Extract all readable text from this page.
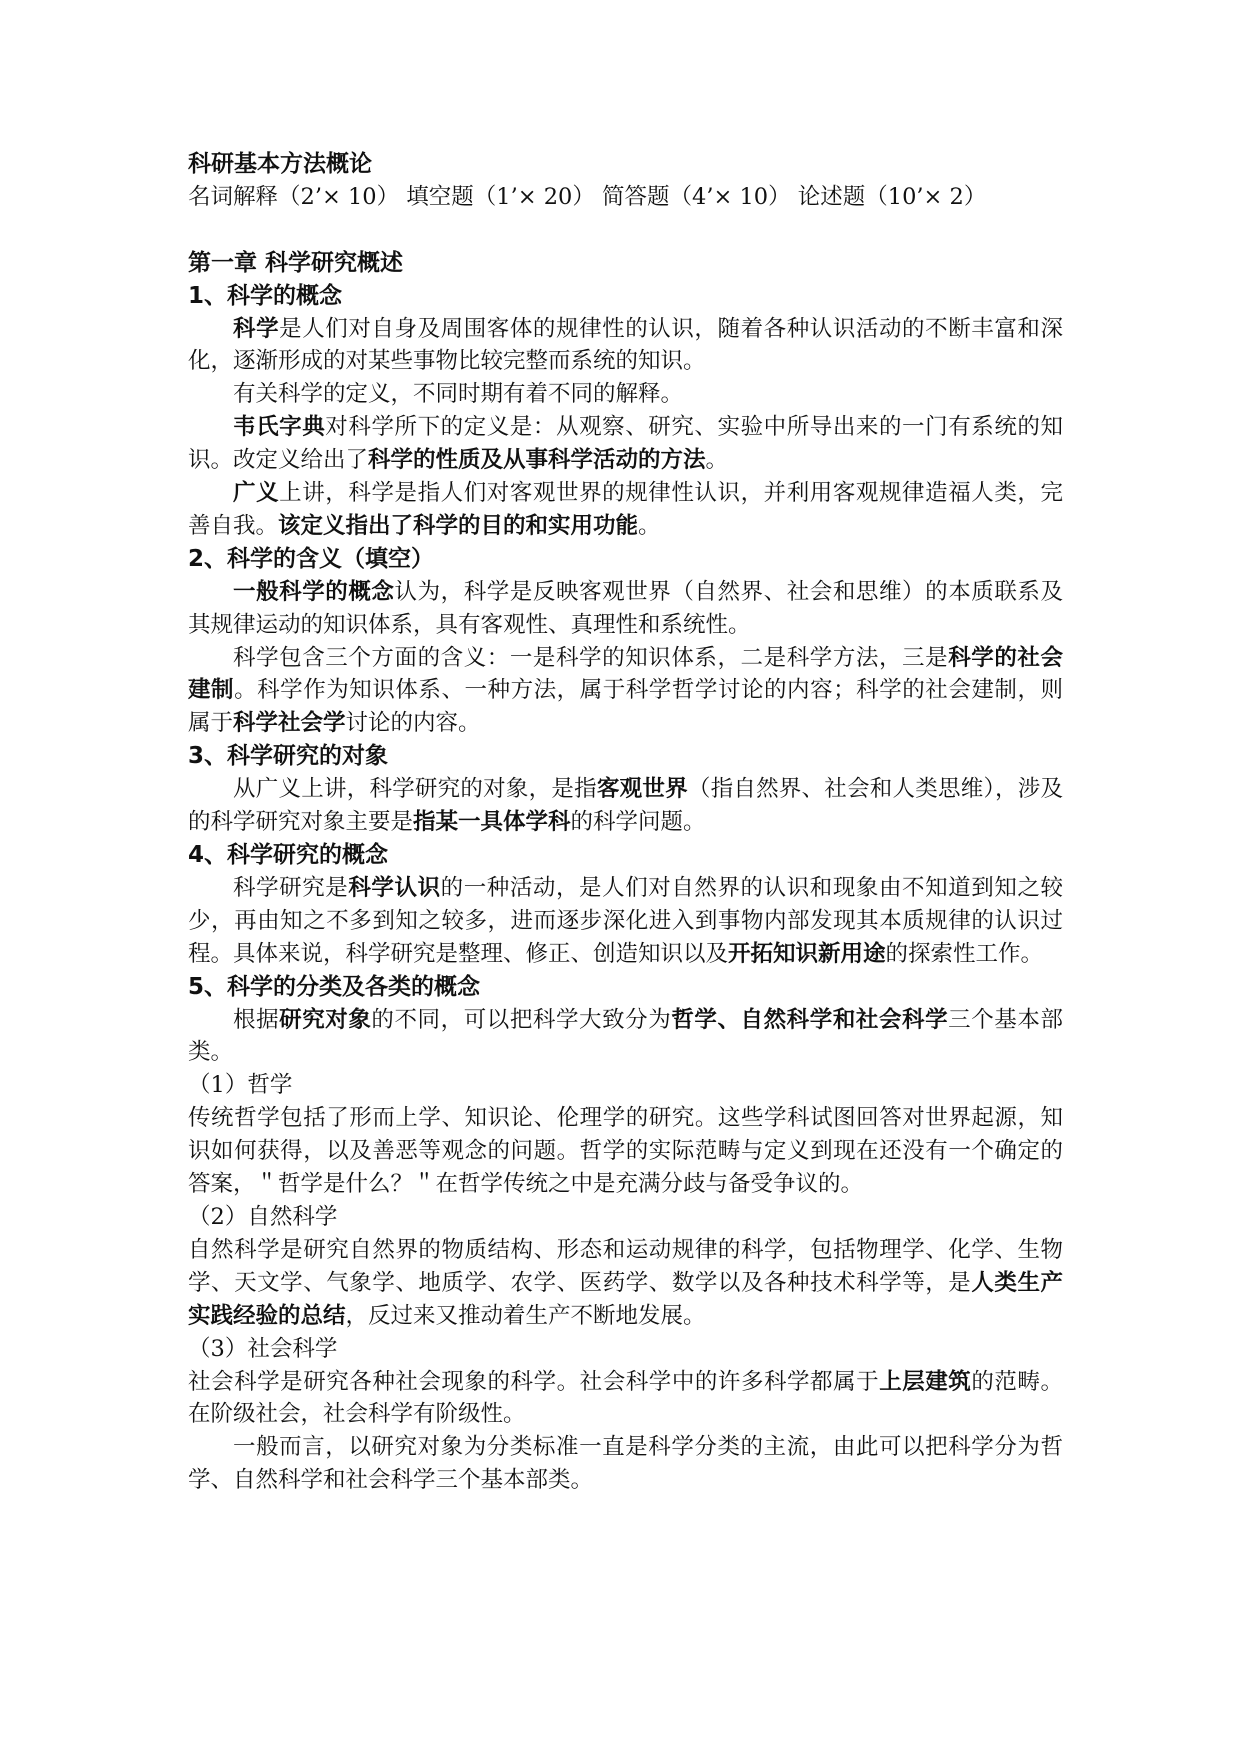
科研基本方法概论
名词解释（2’× 10） 填空题（1’× 20） 简答题（4’× 10） 论述题（10’× 2）
第一章 科学研究概述
1、科学的概念
科学是人们对自身及周围客体的规律性的认识，随着各种认识活动的不断丰富和深化，逐渐形成的对某些事物比较完整而系统的知识。
有关科学的定义，不同时期有着不同的解释。
韦氏字典对科学所下的定义是：从观察、研究、实验中所导出来的一门有系统的知识。改定义给出了科学的性质及从事科学活动的方法。
广义上讲，科学是指人们对客观世界的规律性认识，并利用客观规律造福人类，完善自我。该定义指出了科学的目的和实用功能。
2、科学的含义（填空）
一般科学的概念认为，科学是反映客观世界（自然界、社会和思维）的本质联系及其规律运动的知识体系，具有客观性、真理性和系统性。
科学包含三个方面的含义：一是科学的知识体系，二是科学方法，三是科学的社会建制。科学作为知识体系、一种方法，属于科学哲学讨论的内容；科学的社会建制，则属于科学社会学讨论的内容。
3、科学研究的对象
从广义上讲，科学研究的对象，是指客观世界（指自然界、社会和人类思维），涉及的科学研究对象主要是指某一具体学科的科学问题。
4、科学研究的概念
科学研究是科学认识的一种活动，是人们对自然界的认识和现象由不知道到知之较少，再由知之不多到知之较多，进而逐步深化进入到事物内部发现其本质规律的认识过程。具体来说，科学研究是整理、修正、创造知识以及开拓知识新用途的探索性工作。
5、科学的分类及各类的概念
根据研究对象的不同，可以把科学大致分为哲学、自然科学和社会科学三个基本部类。
（1）哲学
传统哲学包括了形而上学、知识论、伦理学的研究。这些学科试图回答对世界起源，知识如何获得，以及善恶等观念的问题。哲学的实际范畴与定义到现在还没有一个确定的答案，＂哲学是什么？＂在哲学传统之中是充满分歧与备受争议的。
（2）自然科学
自然科学是研究自然界的物质结构、形态和运动规律的科学，包括物理学、化学、生物学、天文学、气象学、地质学、农学、医药学、数学以及各种技术科学等，是人类生产实践经验的总结，反过来又推动着生产不断地发展。
（3）社会科学
社会科学是研究各种社会现象的科学。社会科学中的许多科学都属于上层建筑的范畴。在阶级社会，社会科学有阶级性。
一般而言，以研究对象为分类标准一直是科学分类的主流，由此可以把科学分为哲学、自然科学和社会科学三个基本部类。
